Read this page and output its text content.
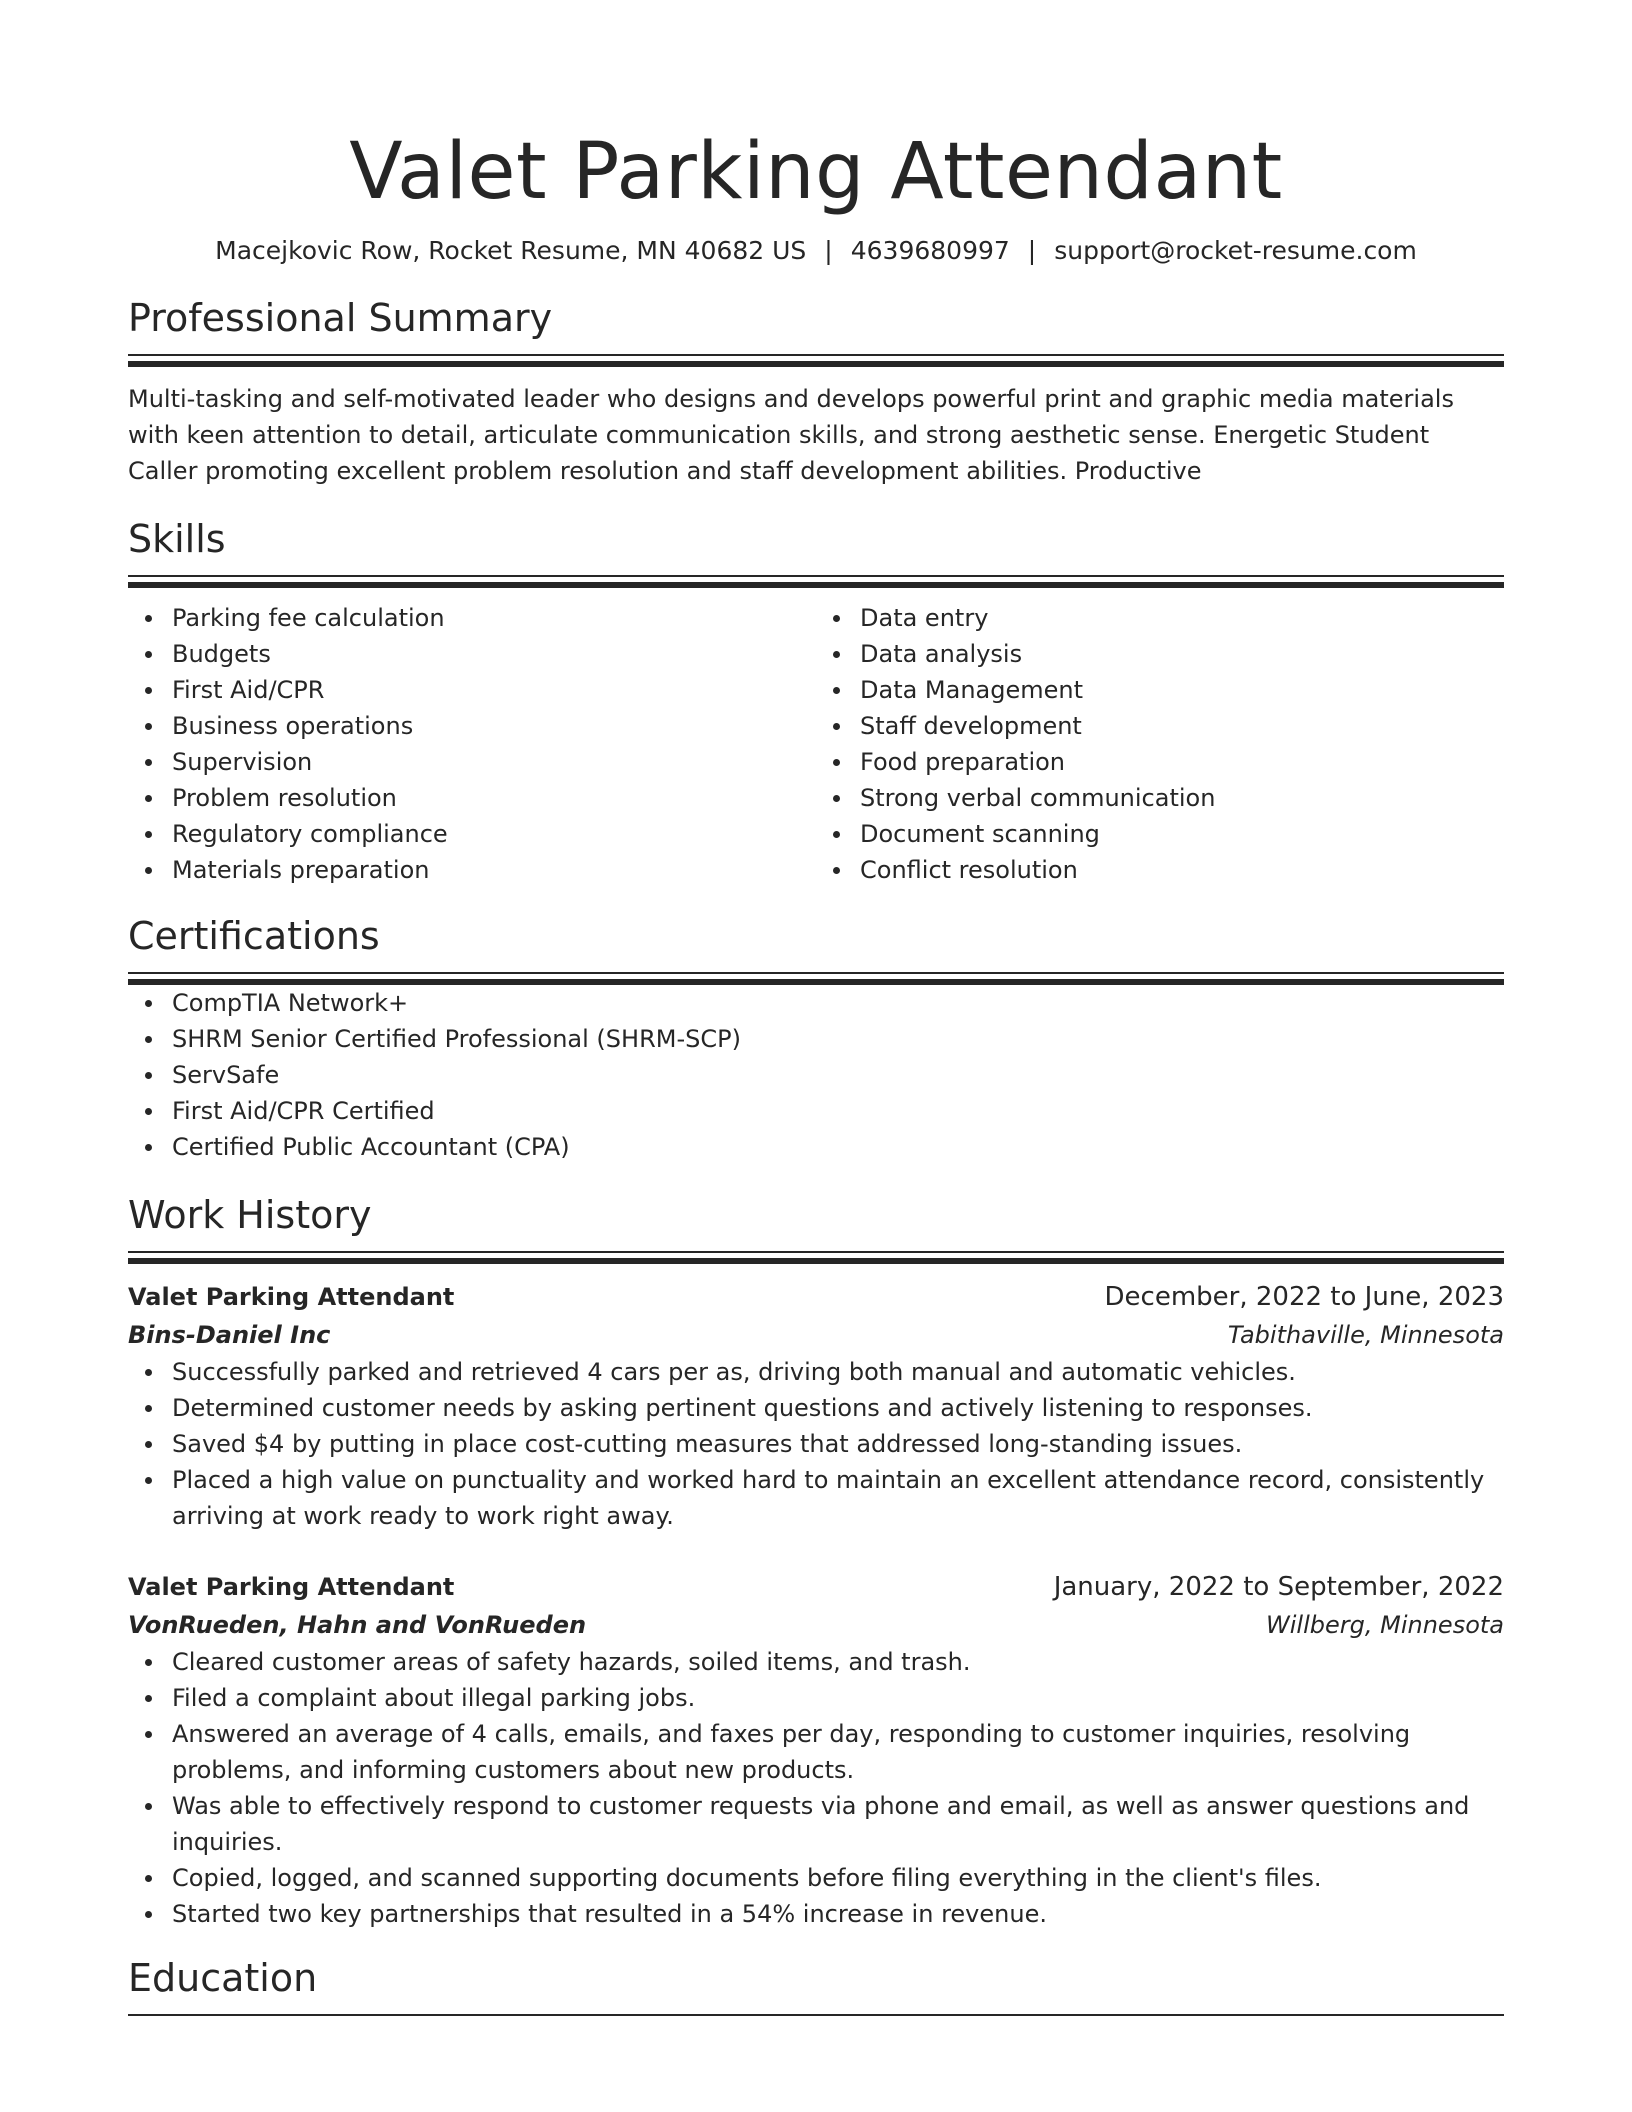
Valet Parking Attendant
Macejkovic Row, Rocket Resume, MN 40682 US | 4639680997 | support@rocket-resume.com
Professional Summary

Multi-tasking and self-motivated leader who designs and develops powerful print and graphic media materials with keen attention to detail, articulate communication skills, and strong aesthetic sense. Energetic Student Caller promoting excellent problem resolution and staff development abilities. Productive

Skills
Parking fee calculation
Budgets
First Aid/CPR
Business operations
Supervision
Problem resolution
Regulatory compliance
Materials preparation
Data entry
Data analysis
Data Management
Staff development
Food preparation
Strong verbal communication
Document scanning
Conflict resolution
Certifications
CompTIA Network+
SHRM Senior Certified Professional (SHRM-SCP)
ServSafe
First Aid/CPR Certified
Certified Public Accountant (CPA)
Work History
Valet Parking Attendant	December, 2022 to June, 2023
Bins-Daniel Inc	Tabithaville, Minnesota
Successfully parked and retrieved 4 cars per as, driving both manual and automatic vehicles.
Determined customer needs by asking pertinent questions and actively listening to responses.
Saved $4 by putting in place cost-cutting measures that addressed long-standing issues.
Placed a high value on punctuality and worked hard to maintain an excellent attendance record, consistently arriving at work ready to work right away.
Valet Parking Attendant	January, 2022 to September, 2022
VonRueden, Hahn and VonRueden	Willberg, Minnesota
Cleared customer areas of safety hazards, soiled items, and trash.
Filed a complaint about illegal parking jobs.
Answered an average of 4 calls, emails, and faxes per day, responding to customer inquiries, resolving problems, and informing customers about new products.
Was able to effectively respond to customer requests via phone and email, as well as answer questions and inquiries.
Copied, logged, and scanned supporting documents before filing everything in the client's files.
Started two key partnerships that resulted in a 54% increase in revenue.
Education
